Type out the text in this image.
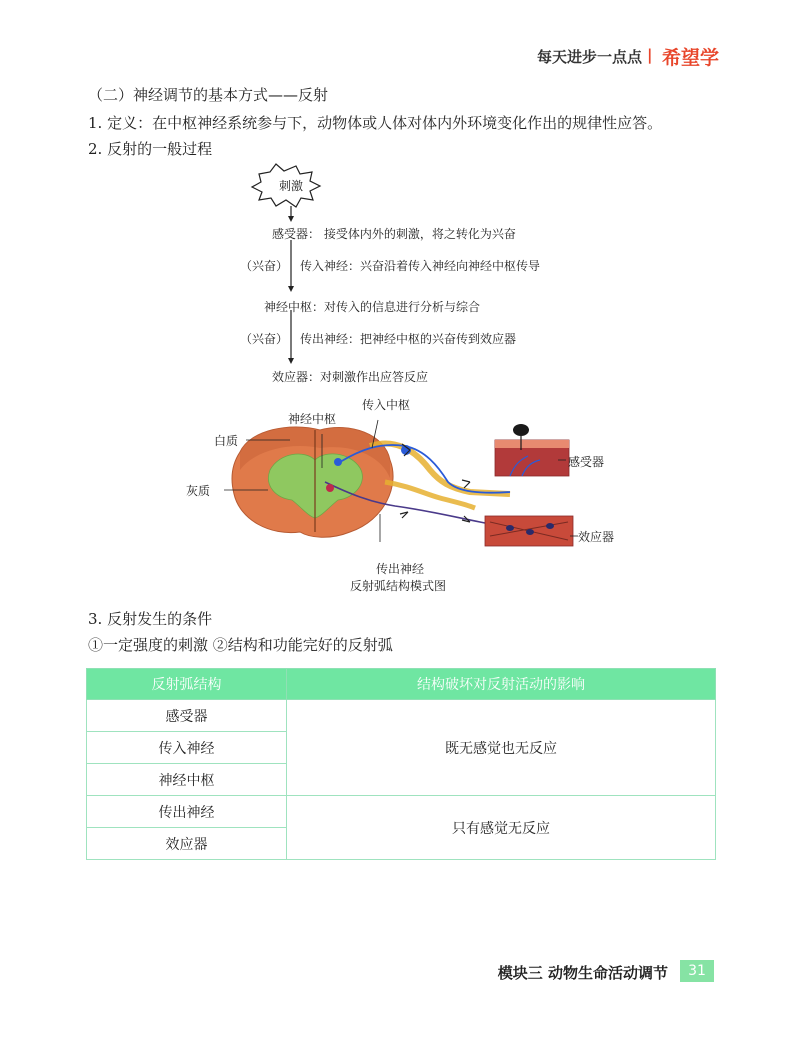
每天进步一点点 | 希望学
（二）神经调节的基本方式——反射
1. 定义：在中枢神经系统参与下，动物体或人体对体内外环境变化作出的规律性应答。
2. 反射的一般过程
刺激
感受器： 接受体内外的刺激，将之转化为兴奋
（兴奋） 传入神经：兴奋沿着传入神经向神经中枢传导
神经中枢：对传入的信息进行分析与综合
（兴奋） 传出神经：把神经中枢的兴奋传到效应器
效应器：对刺激作出应答反应
神经中枢
传入中枢
白质
灰质
感受器
效应器
传出神经
反射弧结构模式图
3. 反射发生的条件
①一定强度的刺激 ②结构和功能完好的反射弧
反射弧结构	结构破坏对反射活动的影响
感受器	既无感觉也无反应
传入神经	
神经中枢	
传出神经	只有感觉无反应
效应器	
模块三 动物生命活动调节	31
